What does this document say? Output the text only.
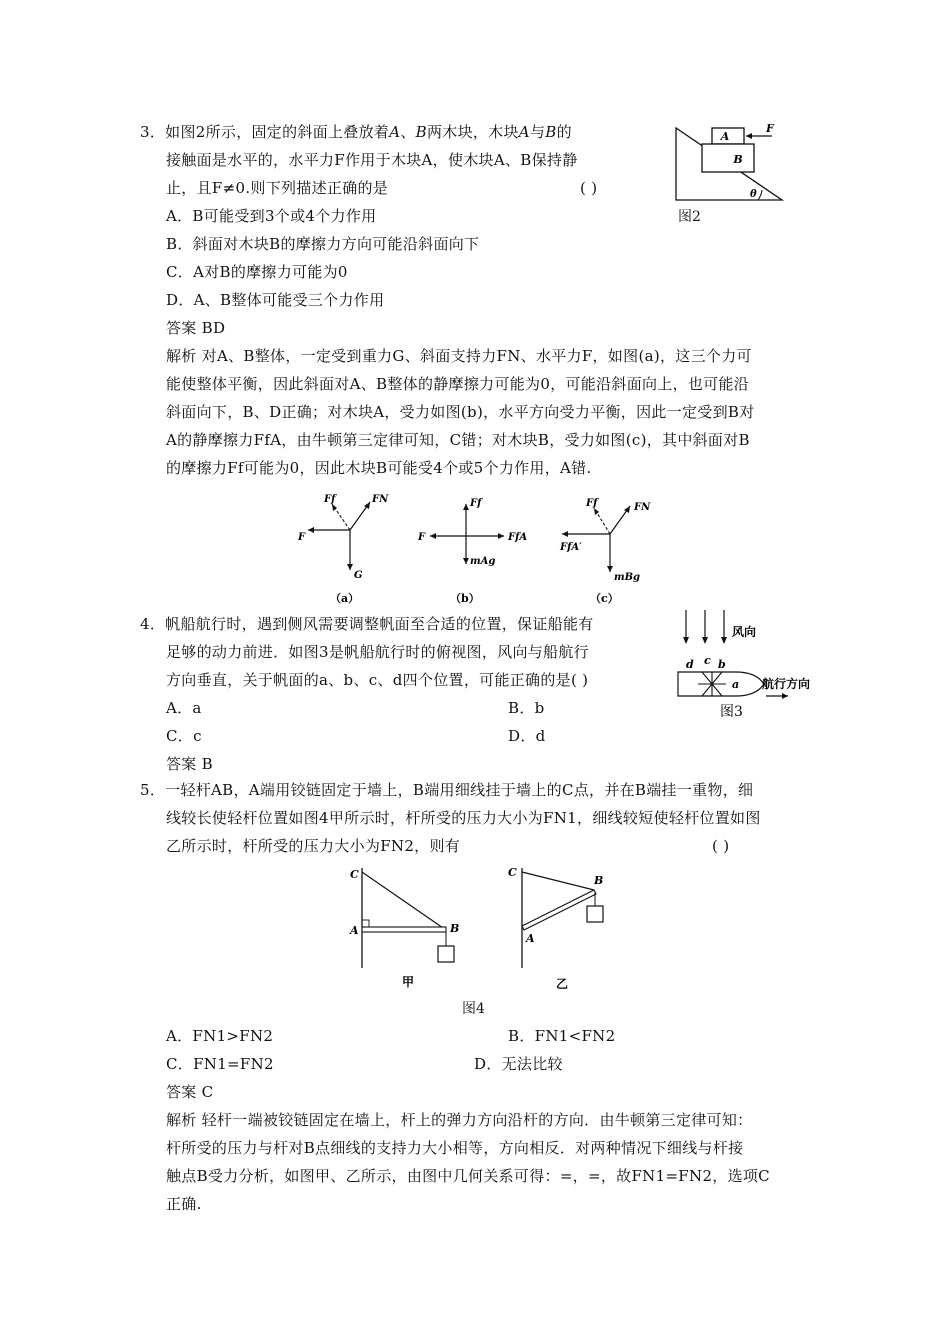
3．如图2所示，固定的斜面上叠放着A、B两木块，木块A与B的
接触面是水平的，水平力F作用于木块A，使木块A、B保持静
止，且F≠0.则下列描述正确的是	( )
A．B可能受到3个或4个力作用
B．斜面对木块B的摩擦力方向可能沿斜面向下
C．A对B的摩擦力可能为0
D．A、B整体可能受三个力作用
答案 BD
解析 对A、B整体，一定受到重力G、斜面支持力FN、水平力F，如图(a)，这三个力可
能使整体平衡，因此斜面对A、B整体的静摩擦力可能为0，可能沿斜面向上，也可能沿
斜面向下，B、D正确；对木块A，受力如图(b)，水平方向受力平衡，因此一定受到B对
A的静摩擦力FfA，由牛顿第三定律可知，C错；对木块B，受力如图(c)，其中斜面对B
的摩擦力Ff可能为0，因此木块B可能受4个或5个力作用，A错.
A
B
F
θ
图2
Ff	FN
F
G
（a）
Ff
F	FfA
mAg
（b）
Ff	FN
FfA′
mBg
（c）
4．帆船航行时，遇到侧风需要调整帆面至合适的位置，保证船能有
足够的动力前进．如图3是帆船航行时的俯视图，风向与船航行
方向垂直，关于帆面的a、b、c、d四个位置，可能正确的是( )
A．a	B．b
C．c	D．d
答案 B
风向
d c b
a 航行方向
图3
5．一轻杆AB，A端用铰链固定于墙上，B端用细线挂于墙上的C点，并在B端挂一重物，细
线较长使轻杆位置如图4甲所示时，杆所受的压力大小为FN1，细线较短使轻杆位置如图
乙所示时，杆所受的压力大小为FN2，则有	( )
C
A	B
甲
C
A
B
乙
图4
A．FN1>FN2	B．FN1<FN2
C．FN1=FN2	D．无法比较
答案 C
解析 轻杆一端被铰链固定在墙上，杆上的弹力方向沿杆的方向．由牛顿第三定律可知：
杆所受的压力与杆对B点细线的支持力大小相等，方向相反．对两种情况下细线与杆接
触点B受力分析，如图甲、乙所示，由图中几何关系可得：=，=，故FN1=FN2，选项C
正确.
